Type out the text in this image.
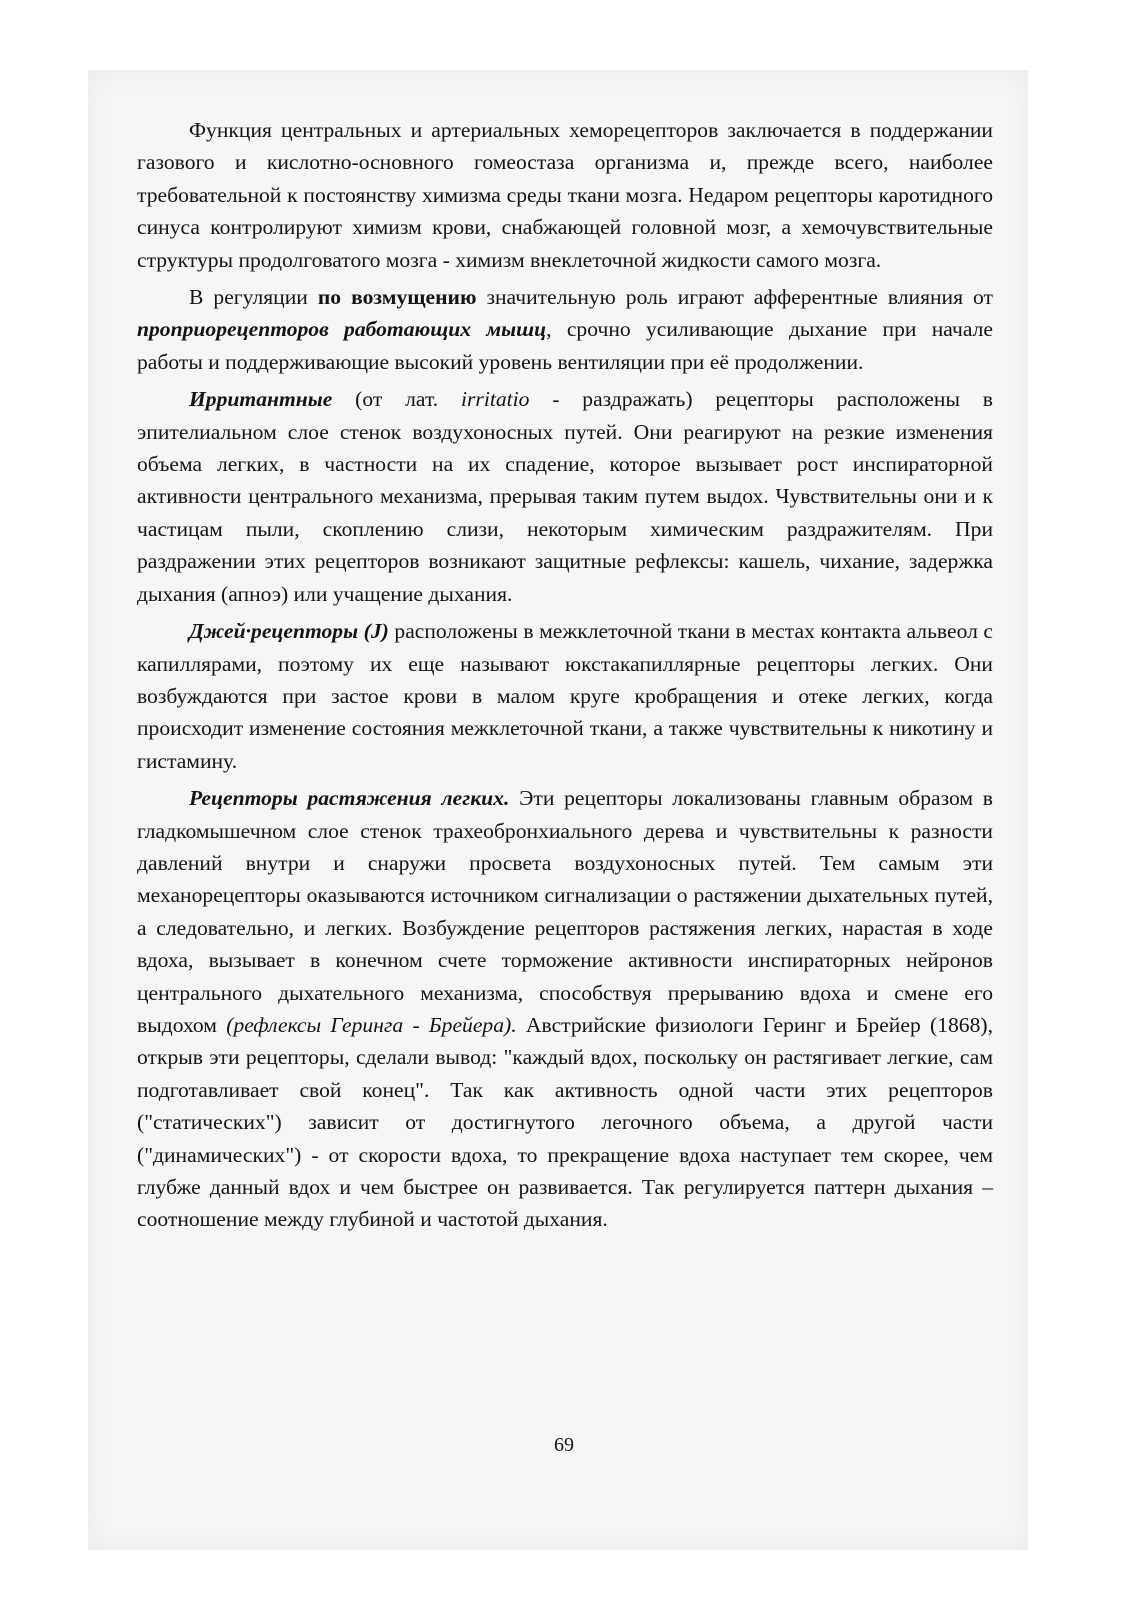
Функция центральных и артериальных хеморецепторов заключается в поддержании газового и кислотно-основного гомеостаза организма и, прежде всего, наиболее требовательной к постоянству химизма среды ткани мозга. Недаром рецепторы каротидного синуса контролируют химизм крови, снабжающей головной мозг, а хемочувствительные структуры продолговатого мозга - химизм внеклеточной жидкости самого мозга.

В регуляции по возмущению значительную роль играют афферентные влияния от проприорецепторов работающих мышц, срочно усиливающие дыхание при начале работы и поддерживающие высокий уровень вентиляции при её продолжении.

Ирритантные (от лат. irritatio - раздражать) рецепторы расположены в эпителиальном слое стенок воздухоносных путей. Они реагируют на резкие изменения объема легких, в частности на их спадение, которое вызывает рост инспираторной активности центрального механизма, прерывая таким путем выдох. Чувствительны они и к частицам пыли, скоплению слизи, некоторым химическим раздражителям. При раздражении этих рецепторов возникают защитные рефлексы: кашель, чихание, задержка дыхания (апноэ) или учащение дыхания.

Джей·рецепторы (J) расположены в межклеточной ткани в местах контакта альвеол с капиллярами, поэтому их еще называют юкстакапиллярные рецепторы легких. Они возбуждаются при застое крови в малом круге кробращения и отеке легких, когда происходит изменение состояния межклеточной ткани, а также чувствительны к никотину и гистамину.

Рецепторы растяжения легких. Эти рецепторы локализованы главным образом в гладкомышечном слое стенок трахеобронхиального дерева и чувствительны к разности давлений внутри и снаружи просвета воздухоносных путей. Тем самым эти механорецепторы оказываются источником сигнализации о растяжении дыхательных путей, а следовательно, и легких. Возбуждение рецепторов растяжения легких, нарастая в ходе вдоха, вызывает в конечном счете торможение активности инспираторных нейронов центрального дыхательного механизма, способствуя прерыванию вдоха и смене его выдохом (рефлексы Геринга - Брейера). Австрийские физиологи Геринг и Брейер (1868), открыв эти рецепторы, сделали вывод: "каждый вдох, поскольку он растягивает легкие, сам подготавливает свой конец". Так как активность одной части этих рецепторов ("статических") зависит от достигнутого легочного объема, а другой части ("динамических") - от скорости вдоха, то прекращение вдоха наступает тем скорее, чем глубже данный вдох и чем быстрее он развивается. Так регулируется паттерн дыхания – соотношение между глубиной и частотой дыхания.

69
